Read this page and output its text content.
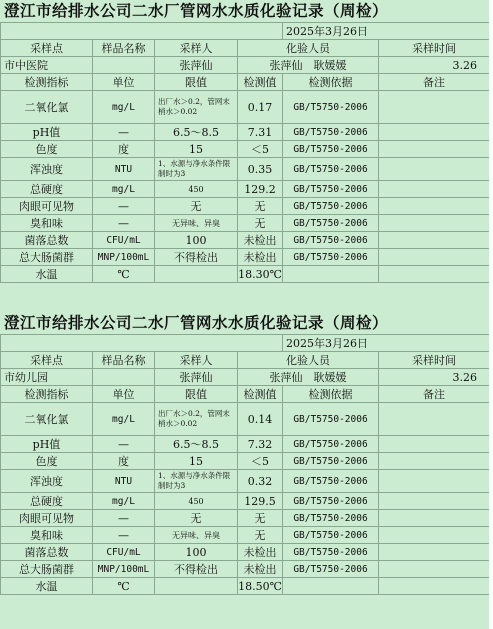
澄江市给排水公司二水厂管网水水质化验记录（周检）
				2025年3月26日	
采样点	样品名称	采样人	化验人员		采样时间
市中医院		张萍仙	张萍仙　 耿媛媛		3.26
检测指标	单位	限值	检测值	检测依据	备注
二氧化氯	mg/L	出厂水＞0.2，管网末梢水＞0.02	0.17	GB/T5750-2006	
pH值	—	6.5～8.5	7.31	GB/T5750-2006	
色度	度	15	＜5	GB/T5750-2006	
浑浊度	NTU	1、水源与净水条件限制时为3	0.35	GB/T5750-2006	
总硬度	mg/L	450	129.2	GB/T5750-2006	
肉眼可见物	—	无	无	GB/T5750-2006	
臭和味	—	无异味、异臭	无	GB/T5750-2006	
菌落总数	CFU/mL	100	未检出	GB/T5750-2006	
总大肠菌群	MNP/100mL	不得检出	未检出	GB/T5750-2006	
水温	℃		18.30℃		
澄江市给排水公司二水厂管网水水质化验记录（周检）
				2025年3月26日	
采样点	样品名称	采样人	化验人员		采样时间
市幼儿园		张萍仙	张萍仙　 耿媛媛		3.26
检测指标	单位	限值	检测值	检测依据	备注
二氧化氯	mg/L	出厂水＞0.2，管网末梢水＞0.02	0.14	GB/T5750-2006	
pH值	—	6.5～8.5	7.32	GB/T5750-2006	
色度	度	15	＜5	GB/T5750-2006	
浑浊度	NTU	1、水源与净水条件限制时为3	0.32	GB/T5750-2006	
总硬度	mg/L	450	129.5	GB/T5750-2006	
肉眼可见物	—	无	无	GB/T5750-2006	
臭和味	—	无异味、异臭	无	GB/T5750-2006	
菌落总数	CFU/mL	100	未检出	GB/T5750-2006	
总大肠菌群	MNP/100mL	不得检出	未检出	GB/T5750-2006	
水温	℃		18.50℃		
